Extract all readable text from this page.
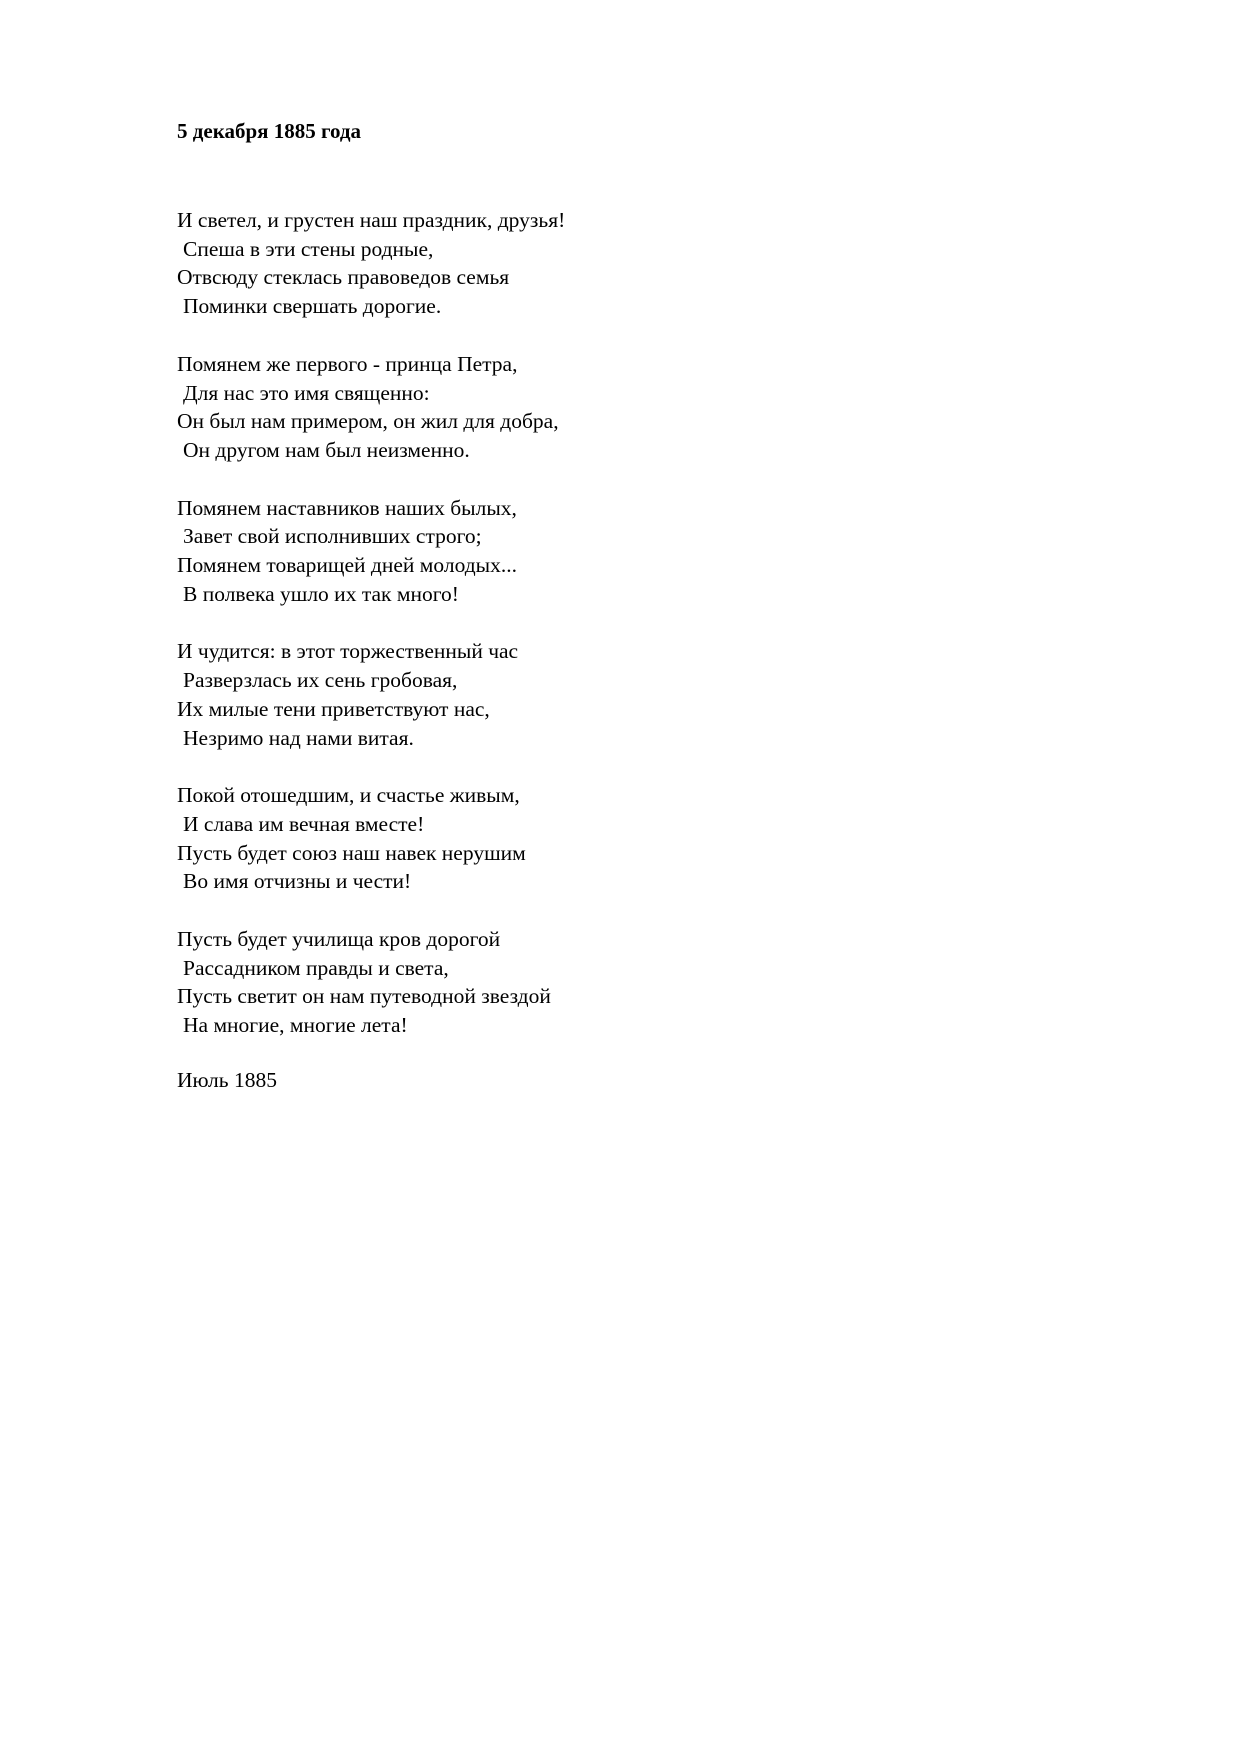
5 декабря 1885 года
И светел, и грустен наш праздник, друзья!
Спеша в эти стены родные,
Отвсюду стеклась правоведов семья
Поминки свершать дорогие.
Помянем же первого - принца Петра,
Для нас это имя священно:
Он был нам примером, он жил для добра,
Он другом нам был неизменно.
Помянем наставников наших былых,
Завет свой исполнивших строго;
Помянем товарищей дней молодых...
В полвека ушло их так много!
И чудится: в этот торжественный час
Разверзлась их сень гробовая,
Их милые тени приветствуют нас,
Незримо над нами витая.
Покой отошедшим, и счастье живым,
И слава им вечная вместе!
Пусть будет союз наш навек нерушим
Во имя отчизны и чести!
Пусть будет училища кров дорогой
Рассадником правды и света,
Пусть светит он нам путеводной звездой
На многие, многие лета!
Июль 1885
